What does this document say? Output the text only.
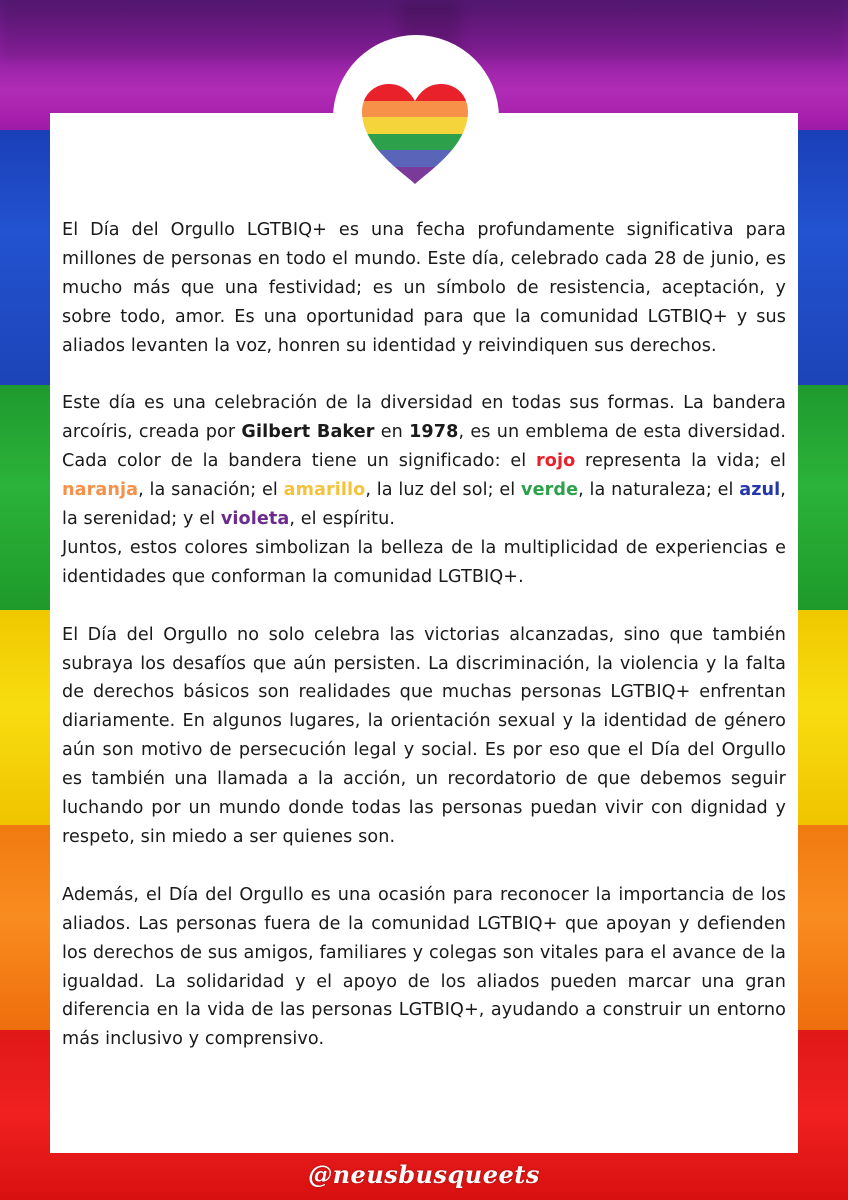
El Día del Orgullo LGTBIQ+ es una fecha profundamente significativa para millones de personas en todo el mundo. Este día, celebrado cada 28 de junio, es mucho más que una festividad; es un símbolo de resistencia, aceptación, y sobre todo, amor. Es una oportunidad para que la comunidad LGTBIQ+ y sus aliados levanten la voz, honren su identidad y reivindiquen sus derechos.

Este día es una celebración de la diversidad en todas sus formas. La bandera arcoíris, creada por Gilbert Baker en 1978, es un emblema de esta diversidad. Cada color de la bandera tiene un significado: el rojo representa la vida; el naranja, la sanación; el amarillo, la luz del sol; el verde, la naturaleza; el azul, la serenidad; y el violeta, el espíritu.

Juntos, estos colores simbolizan la belleza de la multiplicidad de experiencias e identidades que conforman la comunidad LGTBIQ+.

El Día del Orgullo no solo celebra las victorias alcanzadas, sino que también subraya los desafíos que aún persisten. La discriminación, la violencia y la falta de derechos básicos son realidades que muchas personas LGTBIQ+ enfrentan diariamente. En algunos lugares, la orientación sexual y la identidad de género aún son motivo de persecución legal y social. Es por eso que el Día del Orgullo es también una llamada a la acción, un recordatorio de que debemos seguir luchando por un mundo donde todas las personas puedan vivir con dignidad y respeto, sin miedo a ser quienes son.

Además, el Día del Orgullo es una ocasión para reconocer la importancia de los aliados. Las personas fuera de la comunidad LGTBIQ+ que apoyan y defienden los derechos de sus amigos, familiares y colegas son vitales para el avance de la igualdad. La solidaridad y el apoyo de los aliados pueden marcar una gran diferencia en la vida de las personas LGTBIQ+, ayudando a construir un entorno más inclusivo y comprensivo.

@neusbusqueets
